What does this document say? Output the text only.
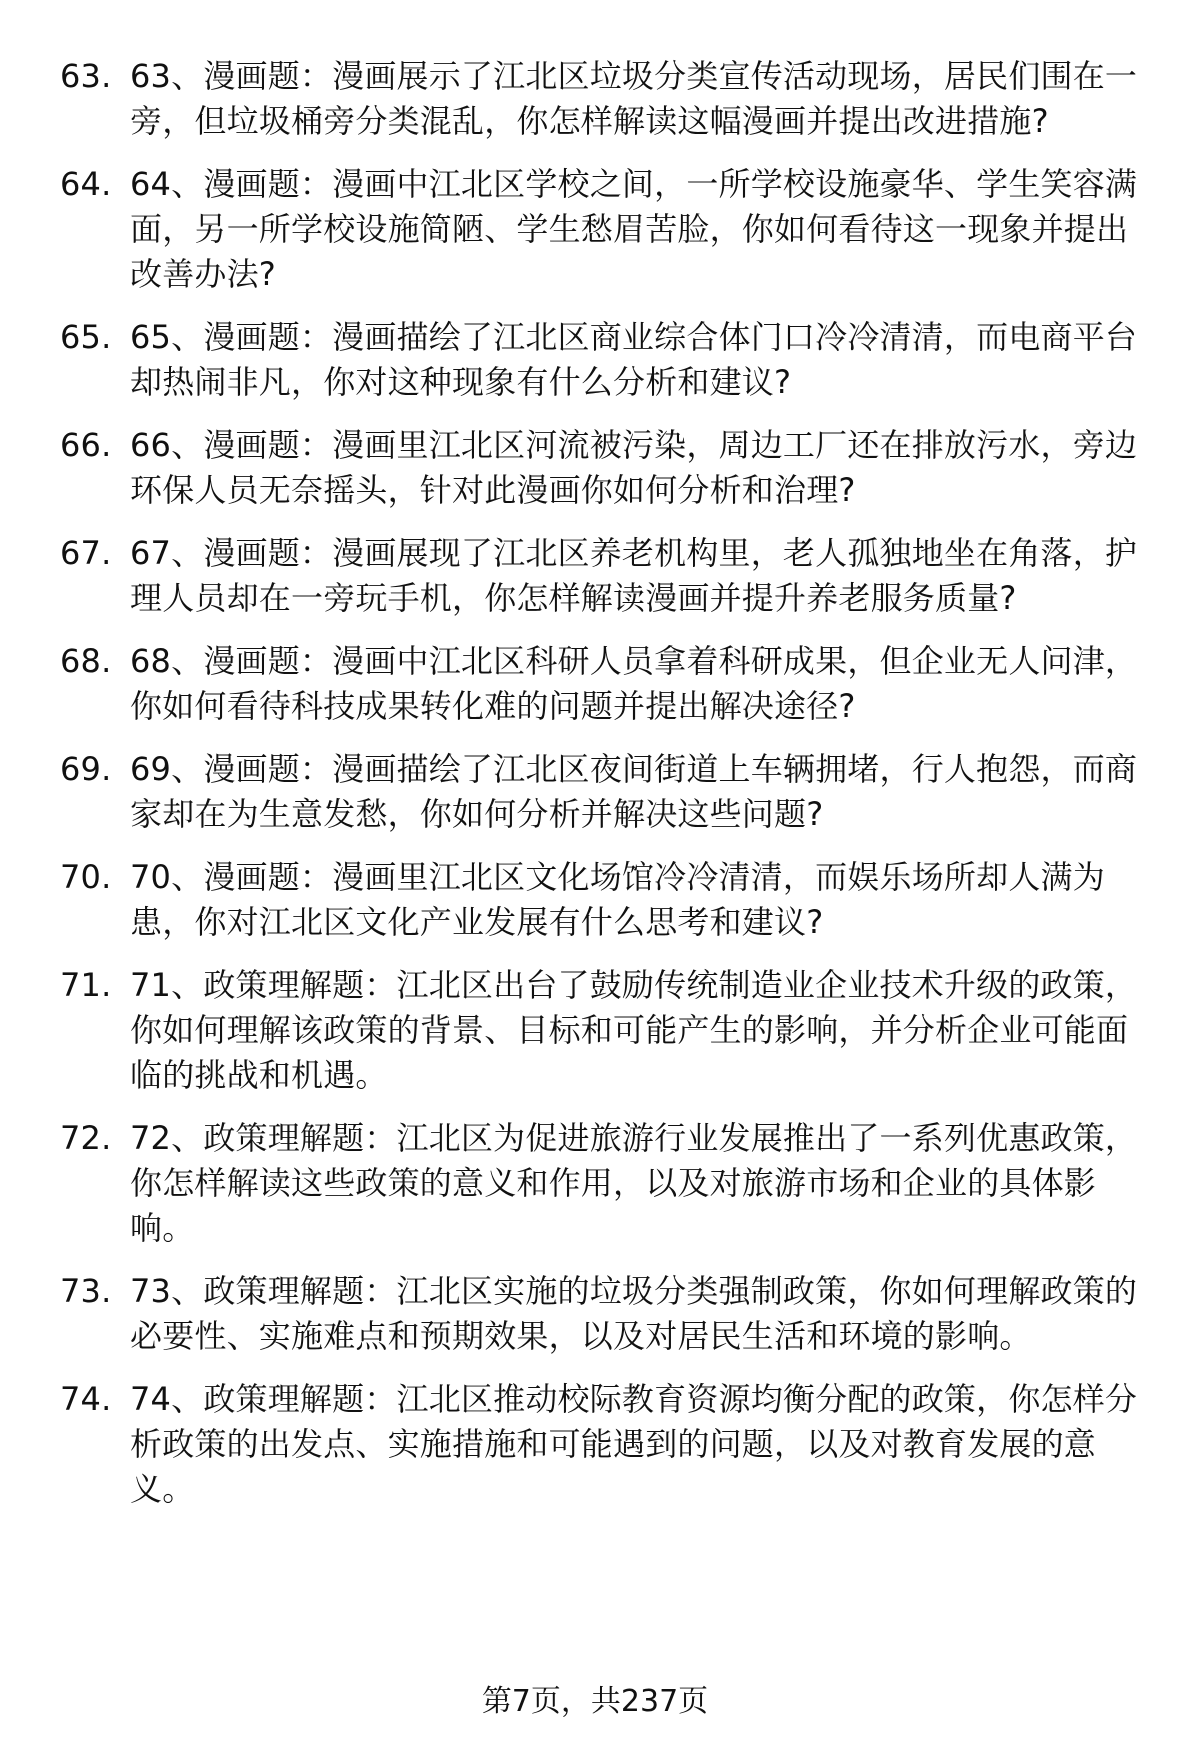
63. 63、漫画题：漫画展示了江北区垃圾分类宣传活动现场，居民们围在一旁，但垃圾桶旁分类混乱，你怎样解读这幅漫画并提出改进措施?
64. 64、漫画题：漫画中江北区学校之间，一所学校设施豪华、学生笑容满面，另一所学校设施简陋、学生愁眉苦脸，你如何看待这一现象并提出改善办法?
65. 65、漫画题：漫画描绘了江北区商业综合体门口冷冷清清，而电商平台却热闹非凡，你对这种现象有什么分析和建议?
66. 66、漫画题：漫画里江北区河流被污染，周边工厂还在排放污水，旁边环保人员无奈摇头，针对此漫画你如何分析和治理?
67. 67、漫画题：漫画展现了江北区养老机构里，老人孤独地坐在角落，护理人员却在一旁玩手机，你怎样解读漫画并提升养老服务质量?
68. 68、漫画题：漫画中江北区科研人员拿着科研成果，但企业无人问津，你如何看待科技成果转化难的问题并提出解决途径?
69. 69、漫画题：漫画描绘了江北区夜间街道上车辆拥堵，行人抱怨，而商家却在为生意发愁，你如何分析并解决这些问题?
70. 70、漫画题：漫画里江北区文化场馆冷冷清清，而娱乐场所却人满为患，你对江北区文化产业发展有什么思考和建议?
71. 71、政策理解题：江北区出台了鼓励传统制造业企业技术升级的政策，你如何理解该政策的背景、目标和可能产生的影响，并分析企业可能面临的挑战和机遇。
72. 72、政策理解题：江北区为促进旅游行业发展推出了一系列优惠政策，你怎样解读这些政策的意义和作用，以及对旅游市场和企业的具体影响。
73. 73、政策理解题：江北区实施的垃圾分类强制政策，你如何理解政策的必要性、实施难点和预期效果，以及对居民生活和环境的影响。
74. 74、政策理解题：江北区推动校际教育资源均衡分配的政策，你怎样分析政策的出发点、实施措施和可能遇到的问题，以及对教育发展的意义。
第7页，共237页
